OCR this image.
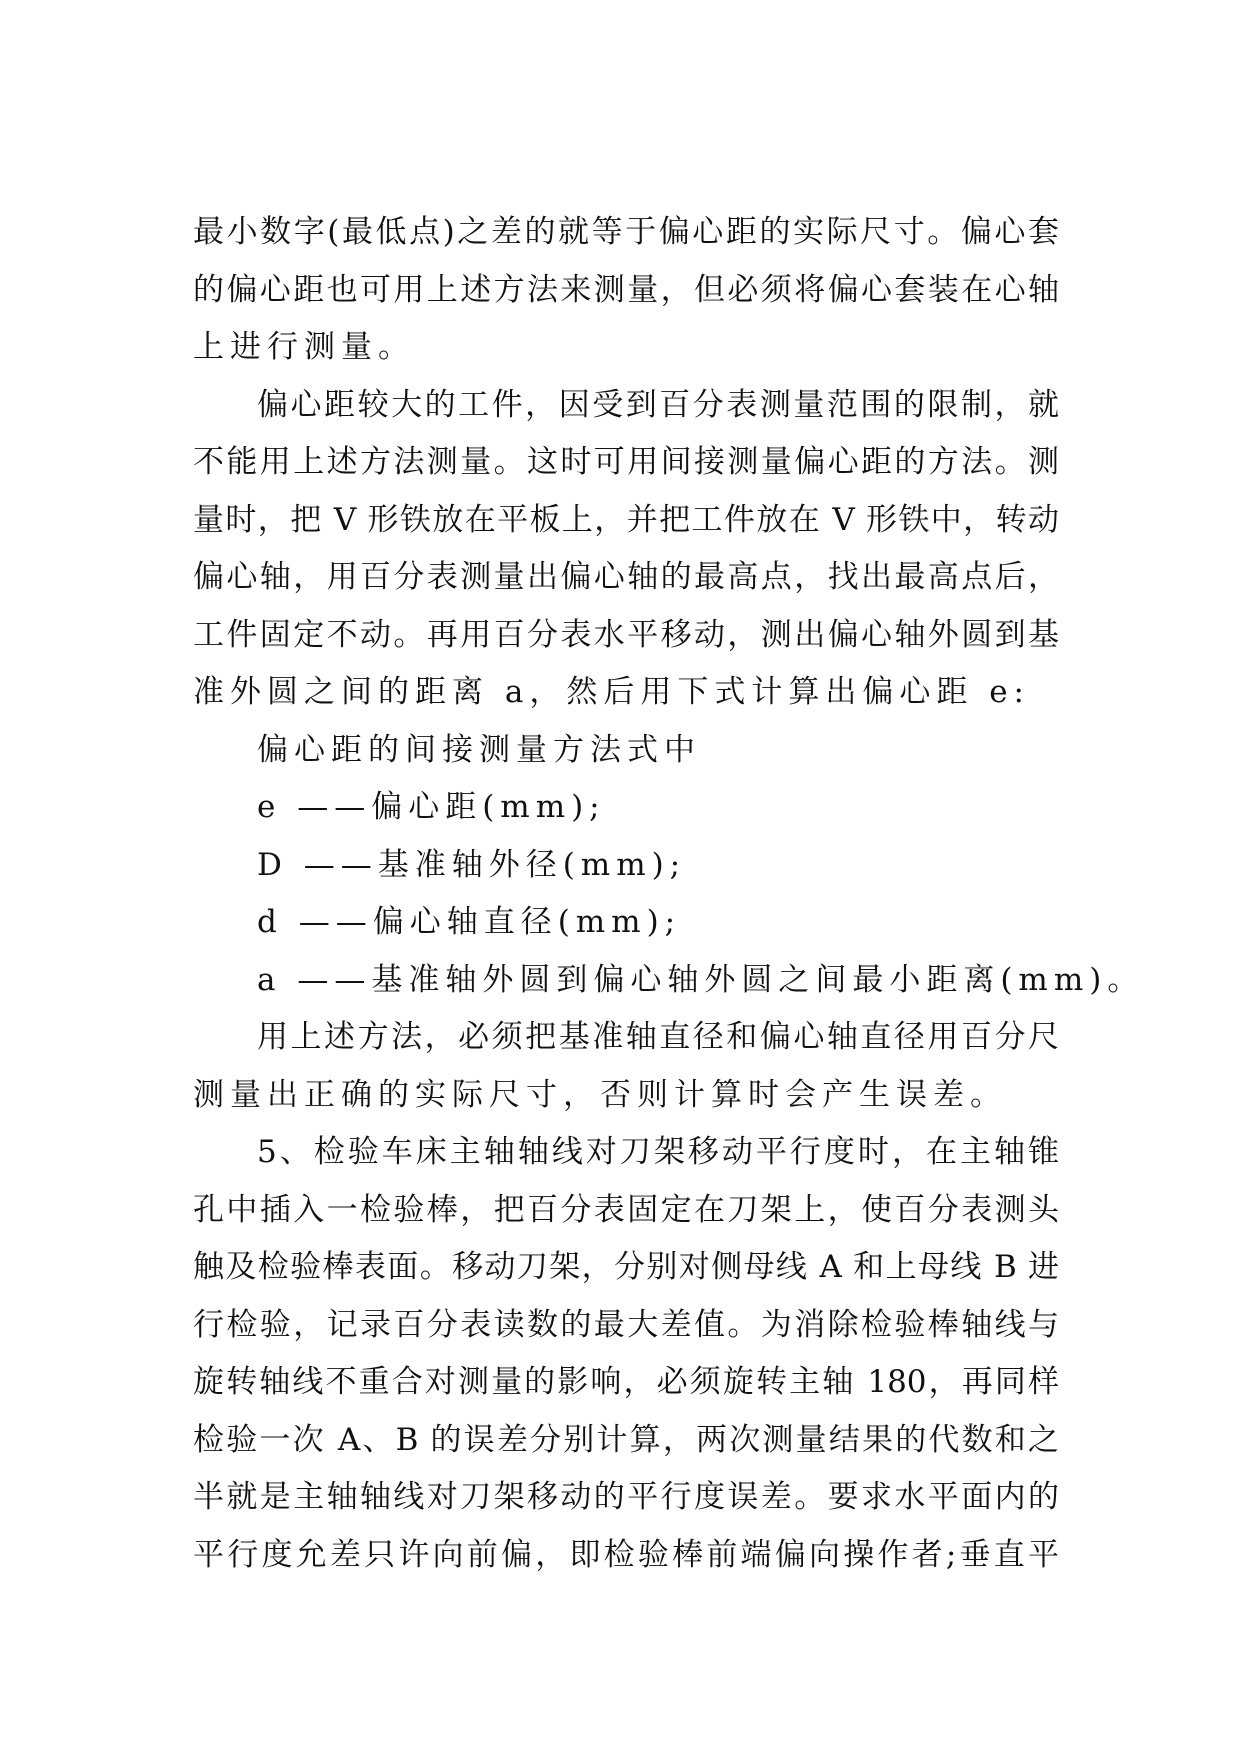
最小数字(最低点)之差的就等于偏心距的实际尺寸。偏心套
的偏心距也可用上述方法来测量，但必须将偏心套装在心轴
上进行测量。
偏心距较大的工件，因受到百分表测量范围的限制，就
不能用上述方法测量。这时可用间接测量偏心距的方法。测
量时，把 V 形铁放在平板上，并把工件放在 V 形铁中，转动
偏心轴，用百分表测量出偏心轴的最高点，找出最高点后，
工件固定不动。再用百分表水平移动，测出偏心轴外圆到基
准外圆之间的距离 a，然后用下式计算出偏心距 e:
偏心距的间接测量方法式中
e ——偏心距(mm);
D ——基准轴外径(mm);
d ——偏心轴直径(mm);
a ——基准轴外圆到偏心轴外圆之间最小距离(mm)。
用上述方法，必须把基准轴直径和偏心轴直径用百分尺
测量出正确的实际尺寸，否则计算时会产生误差。
5、检验车床主轴轴线对刀架移动平行度时，在主轴锥
孔中插入一检验棒，把百分表固定在刀架上，使百分表测头
触及检验棒表面。移动刀架，分别对侧母线 A 和上母线 B 进
行检验，记录百分表读数的最大差值。为消除检验棒轴线与
旋转轴线不重合对测量的影响，必须旋转主轴 180，再同样
检验一次 A、B 的误差分别计算，两次测量结果的代数和之
半就是主轴轴线对刀架移动的平行度误差。要求水平面内的
平行度允差只许向前偏，即检验棒前端偏向操作者;垂直平
